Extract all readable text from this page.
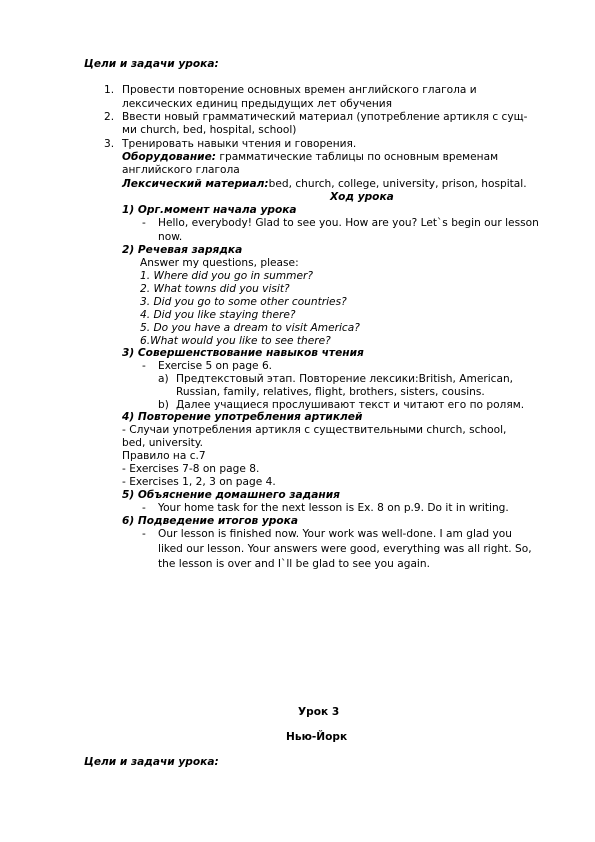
Цели и задачи урока:
1. Провести повторение основных времен английского глагола и
лексических единиц предыдущих лет обучения
2. Ввести новый грамматический материал (употребление артикля с сущ-
ми church, bed, hospital, school)
3. Тренировать навыки чтения и говорения.
Оборудование: грамматические таблицы по основным временам
английского глагола
Лексический материал:bed, church, college, university, prison, hospital.
Ход урока
1) Орг.момент начала урока
- Hello, everybody! Glad to see you. How are you? Let`s begin our lesson
now.
2) Речевая зарядка
Answer my questions, please:
1. Where did you go in summer?
2. What towns did you visit?
3. Did you go to some other countries?
4. Did you like staying there?
5. Do you have a dream to visit America?
6.What would you like to see there?
3) Совершенствование навыков чтения
- Exercise 5 on page 6.
a) Предтекстовый этап. Повторение лексики:British, American,
Russian, family, relatives, flight, brothers, sisters, cousins.
b) Далее учащиеся прослушивают текст и читают его по ролям.
4) Повторение употребления артиклей
- Случаи употребления артикля с существительными church, school,
bed, university.
Правило на с.7
- Exercises 7-8 on page 8.
- Exercises 1, 2, 3 on page 4.
5) Объяснение домашнего задания
- Your home task for the next lesson is Ex. 8 on p.9. Do it in writing.
6) Подведение итогов урока
- Our lesson is finished now. Your work was well-done. I am glad you
liked our lesson. Your answers were good, everything was all right. So,
the lesson is over and I`ll be glad to see you again.
Урок 3
Нью-Йорк
Цели и задачи урока:
